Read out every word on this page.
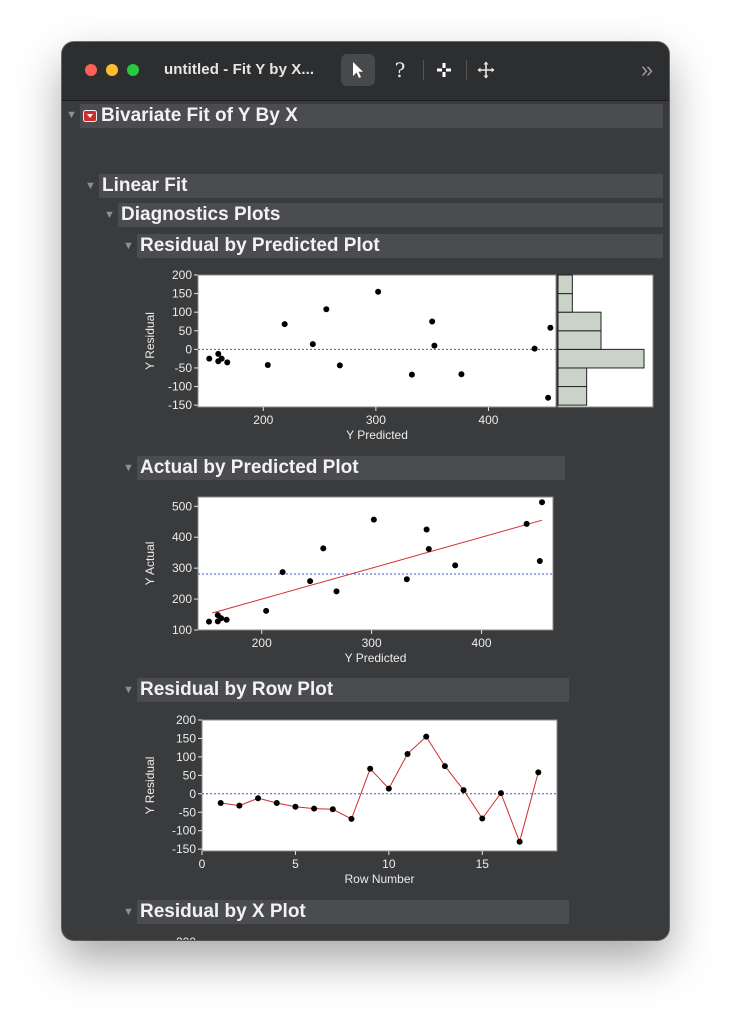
untitled - Fit Y by X...	?	»
▼ Bivariate Fit of Y By X
▼ Linear Fit
▼ Diagnostics Plots
▼ Residual by Predicted Plot
▼ Actual by Predicted Plot
▼ Residual by Row Plot
▼ Residual by X Plot
-150
-100
-50
0
50
100
150
200
200	300	400
Y Predicted
Y Residual
100
200
300
400
500
200	300	400
Y Predicted
Y Actual
-150
-100
-50
0
50
100
150
200
0	5	10	15
Row Number
Y Residual
100
150
200
Y Residual
